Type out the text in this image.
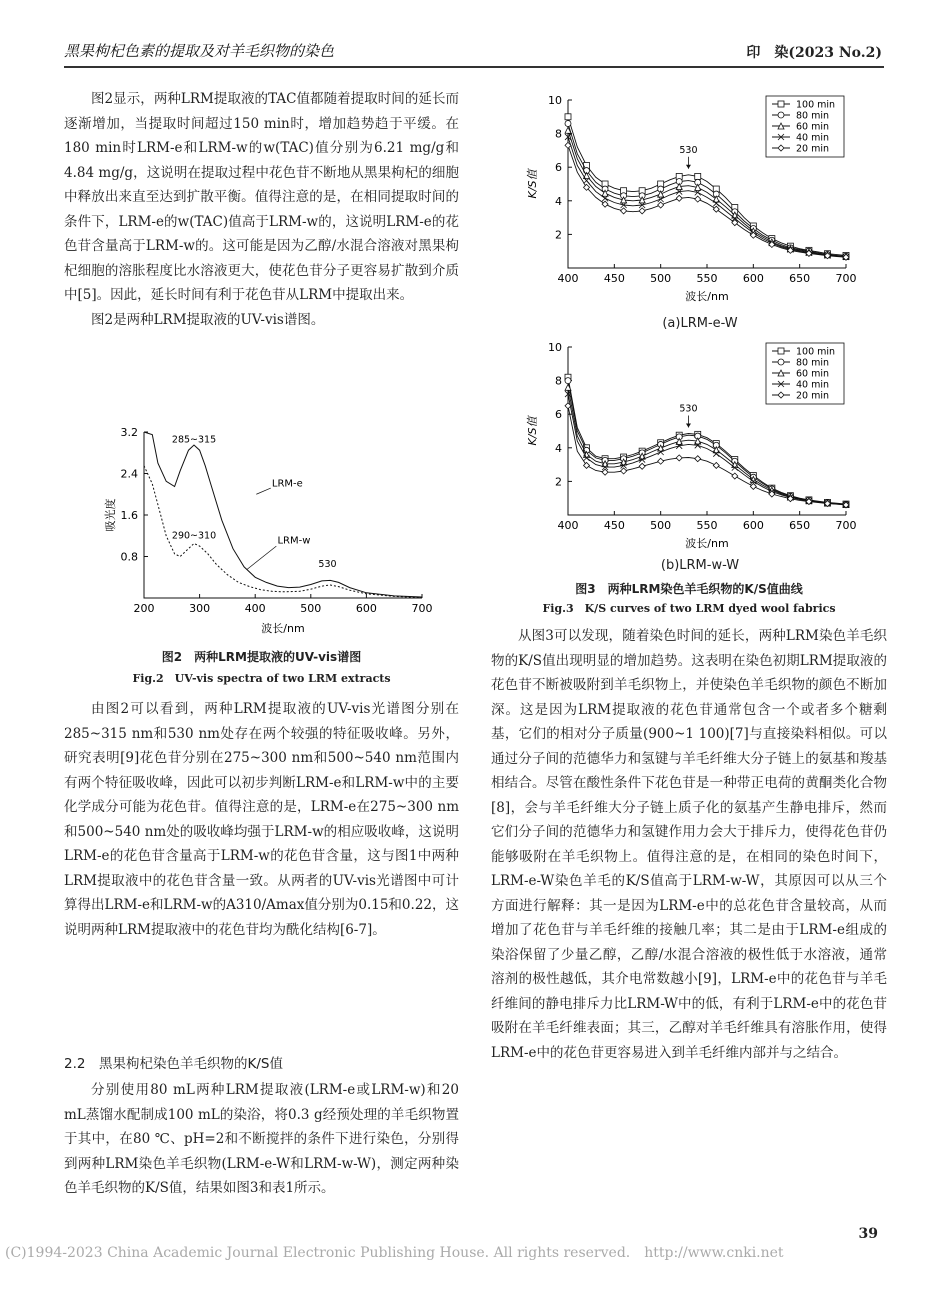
黑果枸杞色素的提取及对羊毛织物的染色	印　染(2023 No.2)

图2显示，两种LRM提取液的TAC值都随着提取时间的延长而逐渐增加，当提取时间超过150 min时，增加趋势趋于平缓。在180 min时LRM-e和LRM-w的w(TAC)值分别为6.21 mg/g和4.84 mg/g，这说明在提取过程中花色苷不断地从黑果枸杞的细胞中释放出来直至达到扩散平衡。值得注意的是，在相同提取时间的条件下，LRM-e的w(TAC)值高于LRM-w的，这说明LRM-e的花色苷含量高于LRM-w的。这可能是因为乙醇/水混合溶液对黑果枸杞细胞的溶胀程度比水溶液更大，使花色苷分子更容易扩散到介质中[5]。因此，延长时间有利于花色苷从LRM中提取出来。

图2是两种LRM提取液的UV-vis谱图。

200	300	400	500	600	700
0.8
1.6
2.4
3.2
波长/nm
吸光度
LRM-e
LRM-w
285~315
290~310
530
图2　两种LRM提取液的UV-vis谱图
Fig.2　UV-vis spectra of two LRM extracts

由图2可以看到，两种LRM提取液的UV-vis光谱图分别在285~315 nm和530 nm处存在两个较强的特征吸收峰。另外，研究表明[9]花色苷分别在275~300 nm和500~540 nm范围内有两个特征吸收峰，因此可以初步判断LRM-e和LRM-w中的主要化学成分可能为花色苷。值得注意的是，LRM-e在275~300 nm和500~540 nm处的吸收峰均强于LRM-w的相应吸收峰，这说明LRM-e的花色苷含量高于LRM-w的花色苷含量，这与图1中两种LRM提取液中的花色苷含量一致。从两者的UV-vis光谱图中可计算得出LRM-e和LRM-w的A310/Amax值分别为0.15和0.22，这说明两种LRM提取液中的花色苷均为酰化结构[6-7]。

2.2　黑果枸杞染色羊毛织物的K/S值

分别使用80 mL两种LRM提取液(LRM-e或LRM-w)和20 mL蒸馏水配制成100 mL的染浴，将0.3 g经预处理的羊毛织物置于其中，在80 ℃、pH=2和不断搅拌的条件下进行染色，分别得到两种LRM染色羊毛织物(LRM-e-W和LRM-w-W)，测定两种染色羊毛织物的K/S值，结果如图3和表1所示。

400 450 500 550 600 650 700
2
4
6
8
10
波长/nm
K/S值
100 min
80 min
60 min
40 min
20 min
530
(a)LRM-e-W
400 450 500 550 600 650 700
2
4
6
8
10
波长/nm
K/S值
100 min
80 min
60 min
40 min
20 min
530
(b)LRM-w-W
图3　两种LRM染色羊毛织物的K/S值曲线
Fig.3　K/S curves of two LRM dyed wool fabrics

从图3可以发现，随着染色时间的延长，两种LRM染色羊毛织物的K/S值出现明显的增加趋势。这表明在染色初期LRM提取液的花色苷不断被吸附到羊毛织物上，并使染色羊毛织物的颜色不断加深。这是因为LRM提取液的花色苷通常包含一个或者多个糖剩基，它们的相对分子质量(900~1 100)[7]与直接染料相似。可以通过分子间的范德华力和氢键与羊毛纤维大分子链上的氨基和羧基相结合。尽管在酸性条件下花色苷是一种带正电荷的黄酮类化合物[8]，会与羊毛纤维大分子链上质子化的氨基产生静电排斥，然而它们分子间的范德华力和氢键作用力会大于排斥力，使得花色苷仍能够吸附在羊毛织物上。值得注意的是，在相同的染色时间下，LRM-e-W染色羊毛的K/S值高于LRM-w-W，其原因可以从三个方面进行解释：其一是因为LRM-e中的总花色苷含量较高，从而增加了花色苷与羊毛纤维的接触几率；其二是由于LRM-e组成的染浴保留了少量乙醇，乙醇/水混合溶液的极性低于水溶液，通常溶剂的极性越低，其介电常数越小[9]，LRM-e中的花色苷与羊毛纤维间的静电排斥力比LRM-W中的低，有利于LRM-e中的花色苷吸附在羊毛纤维表面；其三，乙醇对羊毛纤维具有溶胀作用，使得LRM-e中的花色苷更容易进入到羊毛纤维内部并与之结合。

39
(C)1994-2023 China Academic Journal Electronic Publishing House. All rights reserved.　http://www.cnki.net
